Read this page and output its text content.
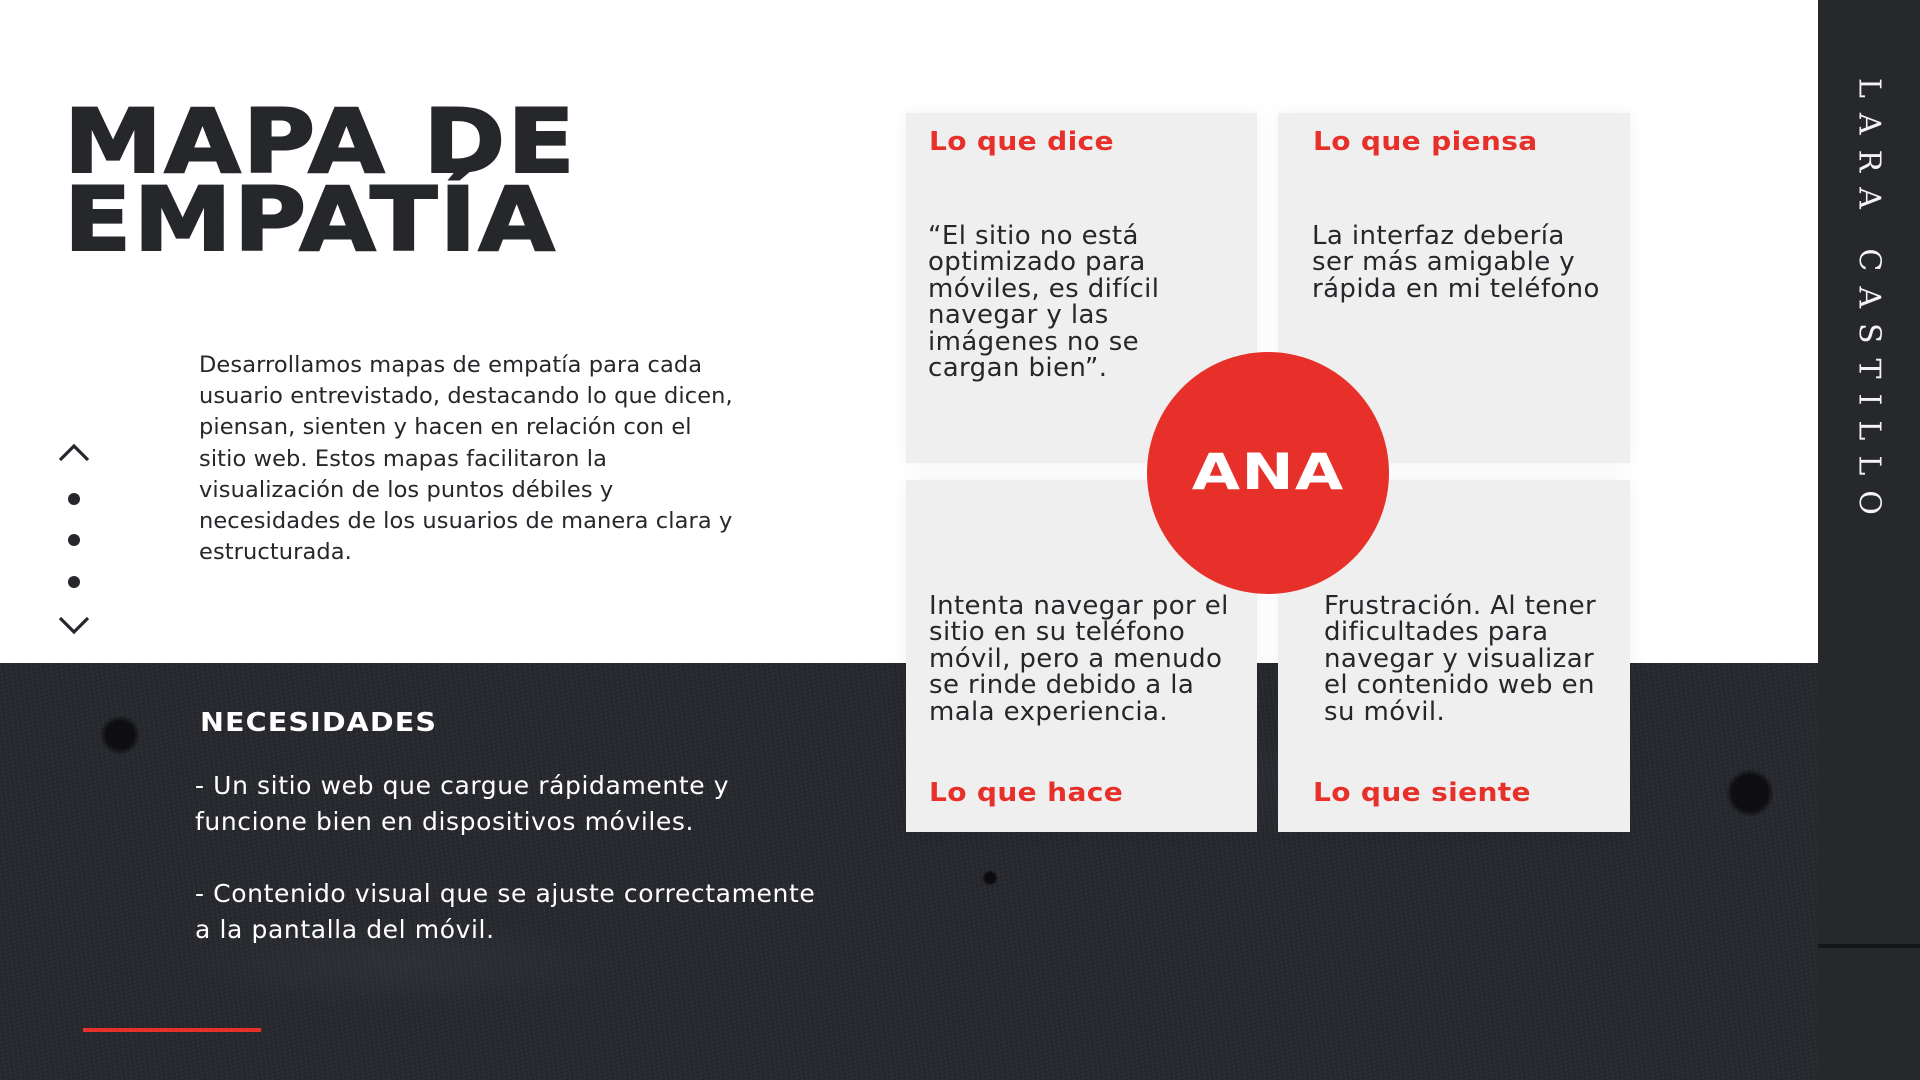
MAPA DE
EMPATÍA

Desarrollamos mapas de empatía para cada usuario entrevistado, destacando lo que dicen, piensan, sienten y hacen en relación con el sitio web. Estos mapas facilitaron la visualización de los puntos débiles y necesidades de los usuarios de manera clara y estructurada.

NECESIDADES
- Un sitio web que cargue rápidamente y funcione bien en dispositivos móviles.
- Contenido visual que se ajuste correctamente a la pantalla del móvil.
Lo que dice
“El sitio no está optimizado para móviles, es difícil navegar y las imágenes no se cargan bien”.
Lo que piensa
La interfaz debería ser más amigable y rápida en mi teléfono
Intenta navegar por el sitio en su teléfono móvil, pero a menudo se rinde debido a la mala experiencia.
Lo que hace
Frustración. Al tener dificultades para navegar y visualizar el contenido web en su móvil.
Lo que siente
ANA	LARA CASTILLO
